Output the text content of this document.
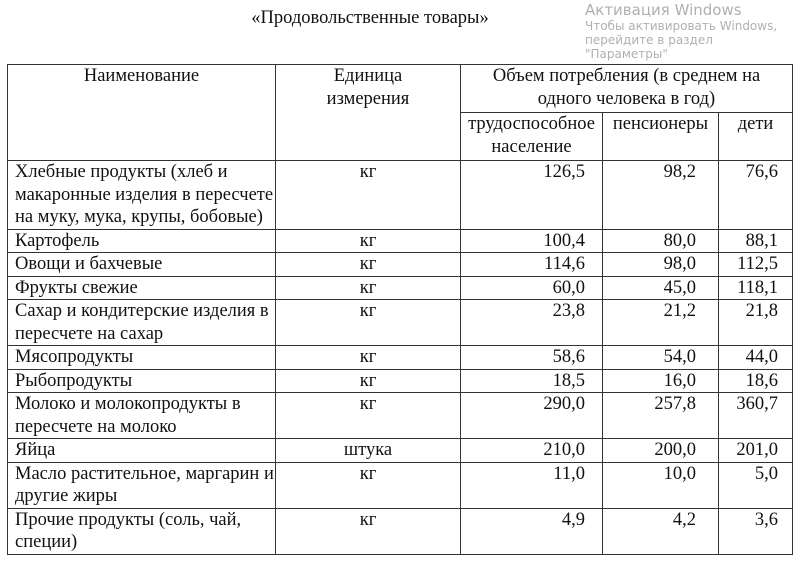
«Продовольственные товары»
Наименование	Единица измерения	Объем потребления (в среднем на одного человека в год)		
		трудоспособное население	пенсионеры	дети
Хлебные продукты (хлеб и макаронные изделия в пересчете на муку, мука, крупы, бобовые)	кг	126,5	98,2	76,6
Картофель	кг	100,4	80,0	88,1
Овощи и бахчевые	кг	114,6	98,0	112,5
Фрукты свежие	кг	60,0	45,0	118,1
Сахар и кондитерские изделия в пересчете на сахар	кг	23,8	21,2	21,8
Мясопродукты	кг	58,6	54,0	44,0
Рыбопродукты	кг	18,5	16,0	18,6
Молоко и молокопродукты в пересчете на молоко	кг	290,0	257,8	360,7
Яйца	штука	210,0	200,0	201,0
Масло растительное, маргарин и другие жиры	кг	11,0	10,0	5,0
Прочие продукты (соль, чай, специи)	кг	4,9	4,2	3,6
Активация Windows
Чтобы активировать Windows, перейдите в раздел
"Параметры"
